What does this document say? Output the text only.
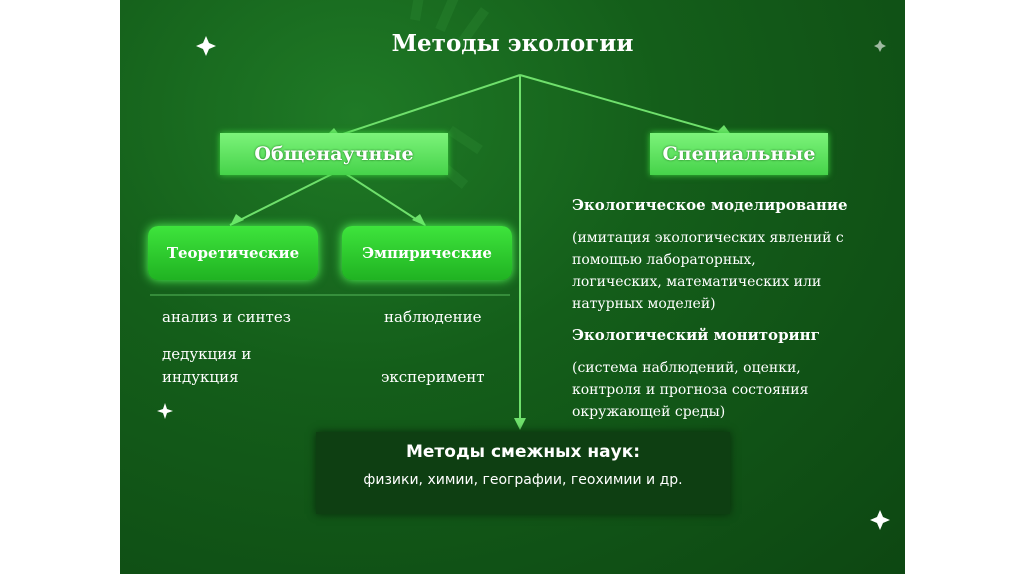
Методы экологии
Общенаучные	Специальные
Теоретические	Эмпирические
анализ и синтез
дедукция и
индукция
наблюдение
эксперимент
Экологическое моделирование
(имитация экологических явлений с
помощью лабораторных,
логических, математических или
натурных моделей)
Экологический мониторинг
(система наблюдений, оценки,
контроля и прогноза состояния
окружающей среды)
Методы смежных наук:
физики, химии, географии, геохимии и др.
